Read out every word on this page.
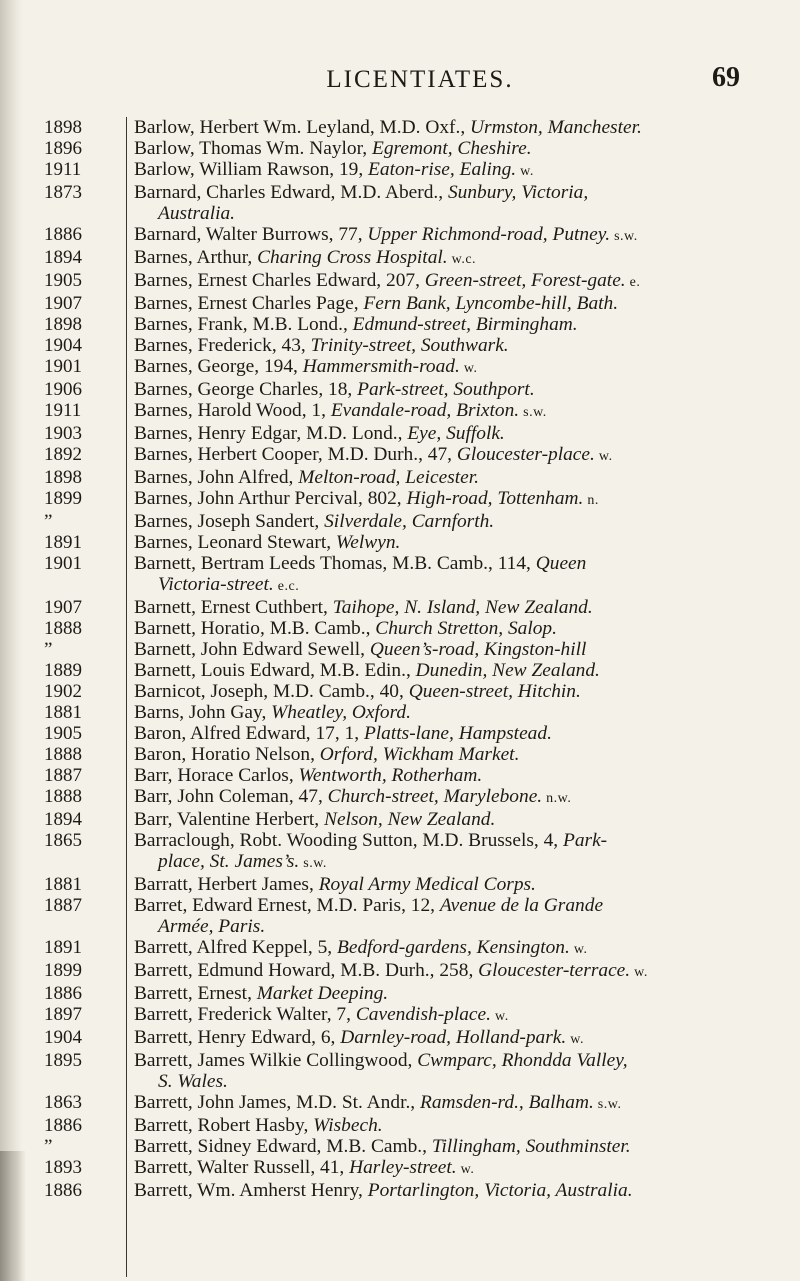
LICENTIATES.	69
1898	Barlow, Herbert Wm. Leyland, M.D. Oxf., Urmston, Manchester.
1896	Barlow, Thomas Wm. Naylor, Egremont, Cheshire.
1911	Barlow, William Rawson, 19, Eaton-rise, Ealing. w.
1873	Barnard, Charles Edward, M.D. Aberd., Sunbury, Victoria,
Australia.
1886	Barnard, Walter Burrows, 77, Upper Richmond-road, Putney. s.w.
1894	Barnes, Arthur, Charing Cross Hospital. w.c.
1905	Barnes, Ernest Charles Edward, 207, Green-street, Forest-gate. e.
1907	Barnes, Ernest Charles Page, Fern Bank, Lyncombe-hill, Bath.
1898	Barnes, Frank, M.B. Lond., Edmund-street, Birmingham.
1904	Barnes, Frederick, 43, Trinity-street, Southwark.
1901	Barnes, George, 194, Hammersmith-road. w.
1906	Barnes, George Charles, 18, Park-street, Southport.
1911	Barnes, Harold Wood, 1, Evandale-road, Brixton. s.w.
1903	Barnes, Henry Edgar, M.D. Lond., Eye, Suffolk.
1892	Barnes, Herbert Cooper, M.D. Durh., 47, Gloucester-place. w.
1898	Barnes, John Alfred, Melton-road, Leicester.
1899	Barnes, John Arthur Percival, 802, High-road, Tottenham. n.
”	Barnes, Joseph Sandert, Silverdale, Carnforth.
1891	Barnes, Leonard Stewart, Welwyn.
1901	Barnett, Bertram Leeds Thomas, M.B. Camb., 114, Queen
Victoria-street. e.c.
1907	Barnett, Ernest Cuthbert, Taihope, N. Island, New Zealand.
1888	Barnett, Horatio, M.B. Camb., Church Stretton, Salop.
”	Barnett, John Edward Sewell, Queen’s-road, Kingston-hill
1889	Barnett, Louis Edward, M.B. Edin., Dunedin, New Zealand.
1902	Barnicot, Joseph, M.D. Camb., 40, Queen-street, Hitchin.
1881	Barns, John Gay, Wheatley, Oxford.
1905	Baron, Alfred Edward, 17, 1, Platts-lane, Hampstead.
1888	Baron, Horatio Nelson, Orford, Wickham Market.
1887	Barr, Horace Carlos, Wentworth, Rotherham.
1888	Barr, John Coleman, 47, Church-street, Marylebone. n.w.
1894	Barr, Valentine Herbert, Nelson, New Zealand.
1865	Barraclough, Robt. Wooding Sutton, M.D. Brussels, 4, Park-
place, St. James’s. s.w.
1881	Barratt, Herbert James, Royal Army Medical Corps.
1887	Barret, Edward Ernest, M.D. Paris, 12, Avenue de la Grande
Armée, Paris.
1891	Barrett, Alfred Keppel, 5, Bedford-gardens, Kensington. w.
1899	Barrett, Edmund Howard, M.B. Durh., 258, Gloucester-terrace. w.
1886	Barrett, Ernest, Market Deeping.
1897	Barrett, Frederick Walter, 7, Cavendish-place. w.
1904	Barrett, Henry Edward, 6, Darnley-road, Holland-park. w.
1895	Barrett, James Wilkie Collingwood, Cwmparc, Rhondda Valley,
S. Wales.
1863	Barrett, John James, M.D. St. Andr., Ramsden-rd., Balham. s.w.
1886	Barrett, Robert Hasby, Wisbech.
”	Barrett, Sidney Edward, M.B. Camb., Tillingham, Southminster.
1893	Barrett, Walter Russell, 41, Harley-street. w.
1886	Barrett, Wm. Amherst Henry, Portarlington, Victoria, Australia.
